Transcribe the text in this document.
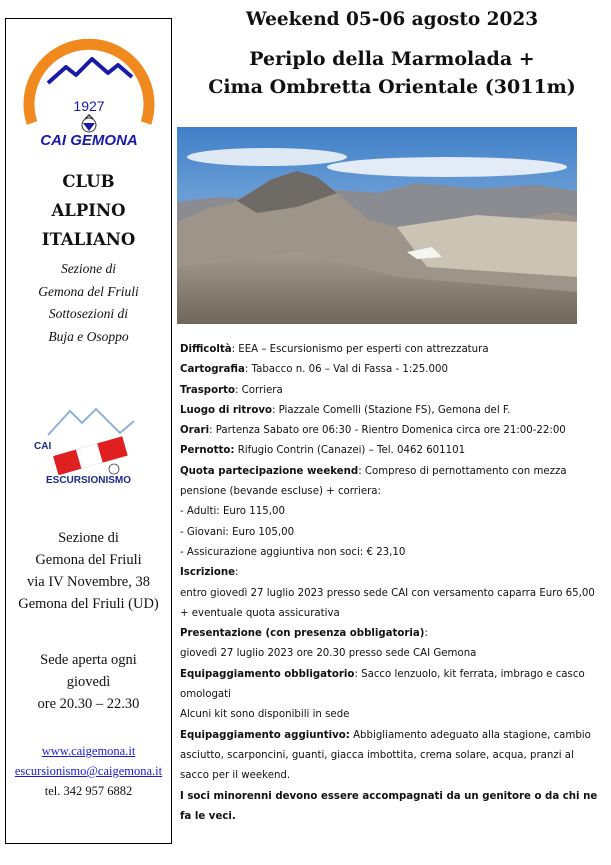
1927
CAI GEMONA
CLUB
ALPINO
ITALIANO
Sezione di
Gemona del Friuli
Sottosezioni di
Buja e Osoppo
CAI
ESCURSIONISMO
Sezione di
Gemona del Friuli
via IV Novembre, 38
Gemona del Friuli (UD)
Sede aperta ogni
giovedì
ore 20.30 – 22.30
www.caigemona.it
escursionismo@caigemona.it
tel. 342 957 6882
Weekend 05-06 agosto 2023
Periplo della Marmolada +
Cima Ombretta Orientale (3011m)

Difficoltà: EEA – Escursionismo per esperti con attrezzatura

Cartografia: Tabacco n. 06 – Val di Fassa - 1:25.000

Trasporto: Corriera

Luogo di ritrovo: Piazzale Comelli (Stazione FS), Gemona del F.

Orari: Partenza Sabato ore 06:30 - Rientro Domenica circa ore 21:00-22:00

Pernotto: Rifugio Contrin (Canazei) – Tel. 0462 601101

Quota partecipazione weekend: Compreso di pernottamento con mezza pensione (bevande escluse) + corriera:

- Adulti: Euro 115,00

- Giovani: Euro 105,00

- Assicurazione aggiuntiva non soci: € 23,10

Iscrizione:

entro giovedì 27 luglio 2023 presso sede CAI con versamento caparra Euro 65,00 + eventuale quota assicurativa

Presentazione (con presenza obbligatoria):

giovedì 27 luglio 2023 ore 20.30 presso sede CAI Gemona

Equipaggiamento obbligatorio: Sacco lenzuolo, kit ferrata, imbrago e casco omologati

Alcuni kit sono disponibili in sede

Equipaggiamento aggiuntivo: Abbigliamento adeguato alla stagione, cambio asciutto, scarponcini, guanti, giacca imbottita, crema solare, acqua, pranzi al sacco per il weekend.

I soci minorenni devono essere accompagnati da un genitore o da chi ne fa le veci.
